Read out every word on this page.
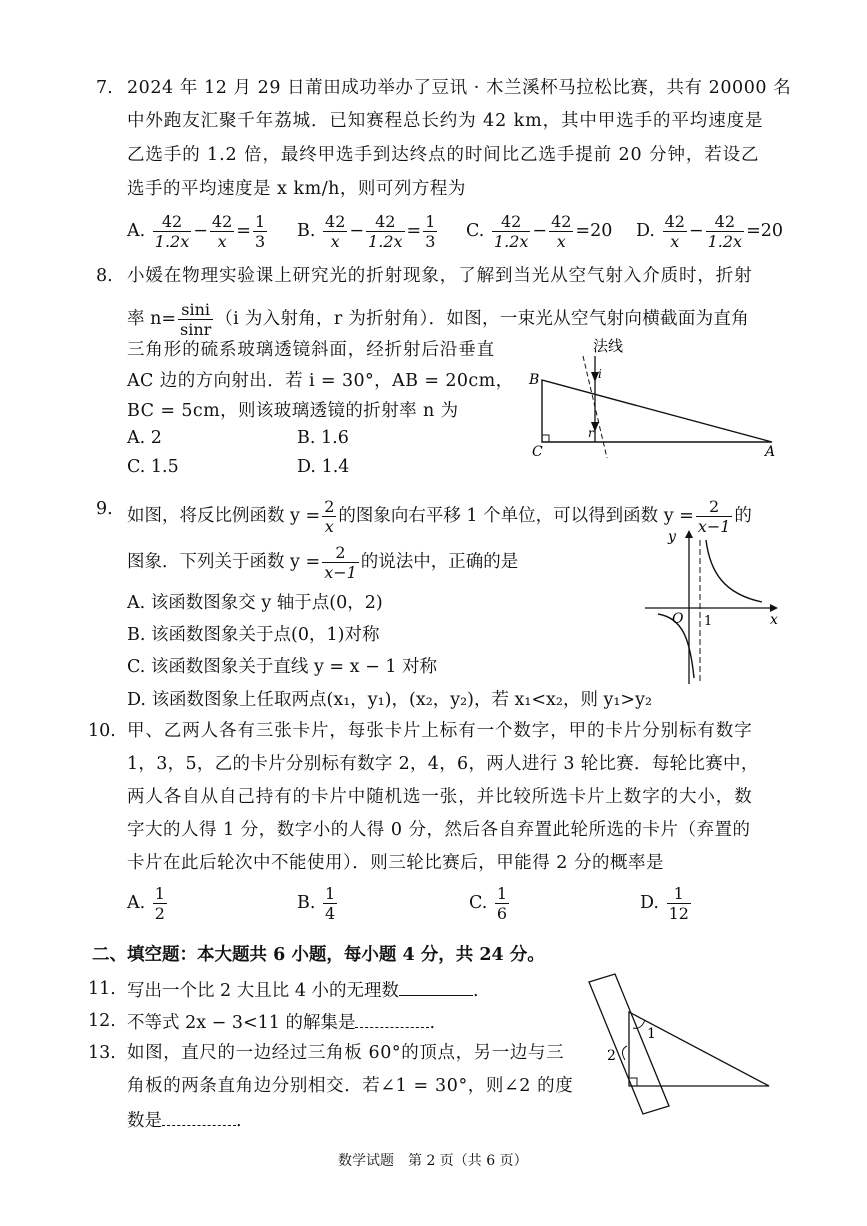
7. 2024 年 12 月 29 日莆田成功举办了豆讯 · 木兰溪杯马拉松比赛，共有 20000 名
中外跑友汇聚千年荔城．已知赛程总长约为 42 km，其中甲选手的平均速度是
乙选手的 1.2 倍，最终甲选手到达终点的时间比乙选手提前 20 分钟，若设乙
选手的平均速度是 x km/h，则可列方程为
A. $\frac{42}{1.2x} - \frac{42}{x} = \frac{1}{3} B$. $\frac{42}{x} - \frac{42}{1.2x} = \frac{1}{3} C$. $\frac{42}{1.2x} - \frac{42}{x} =20$ D. $\frac{42}{x} - \frac{42}{1.2x} =20$
8. 小媛在物理实验课上研究光的折射现象，了解到当光从空气射入介质时，折射
率 $n= \frac{\sin i}{\sin r} (i$ 为入射角，r 为折射角）．如图，一束光从空气射向横截面为直角
三角形的硫系玻璃透镜斜面，经折射后沿垂直
AC 边的方向射出．若 i = 30°，AB = 20cm，
BC = 5cm，则该玻璃透镜的折射率 n 为
A. 2	B. 1.6
C. 1.5	D. 1.4
法线
B
C	A
i
r
9. 如图，将反比例函数 $y = \frac{2}{x}$ 的图象向右平移 1 个单位，可以得到函数 $y = \frac{2}{x-1}$ 的
图象．下列关于函数 $y = \frac{2}{x-1}$ 的说法中，正确的是
A. 该函数图象交 y 轴于点(0，2)
B. 该函数图象关于点(0，1)对称
C. 该函数图象关于直线 y = x − 1 对称
D. 该函数图象上任取两点(x₁，y₁)，(x₂，y₂)，若 x₁<x₂，则 y₁>y₂
y
x
O 1
10. 甲、乙两人各有三张卡片，每张卡片上标有一个数字，甲的卡片分别标有数字
1，3，5，乙的卡片分别标有数字 2，4，6，两人进行 3 轮比赛．每轮比赛中，
两人各自从自己持有的卡片中随机选一张，并比较所选卡片上数字的大小，数
字大的人得 1 分，数字小的人得 0 分，然后各自弃置此轮所选的卡片（弃置的
卡片在此后轮次中不能使用）．则三轮比赛后，甲能得 2 分的概率是
A. $\frac{1}{2}$	B. $\frac{1}{4}$	C. $\frac{1}{6}$	D. $\frac{1}{12}$
二、填空题：本大题共 6 小题，每小题 4 分，共 24 分。
11. 写出一个比 2 大且比 4 小的无理数	.
12. 不等式 2x − 3<11 的解集是	.
13. 如图，直尺的一边经过三角板 60°的顶点，另一边与三
角板的两条直角边分别相交．若∠1 = 30°，则∠2 的度
数是	.
1
2
数学试题　第 2 页（共 6 页）
